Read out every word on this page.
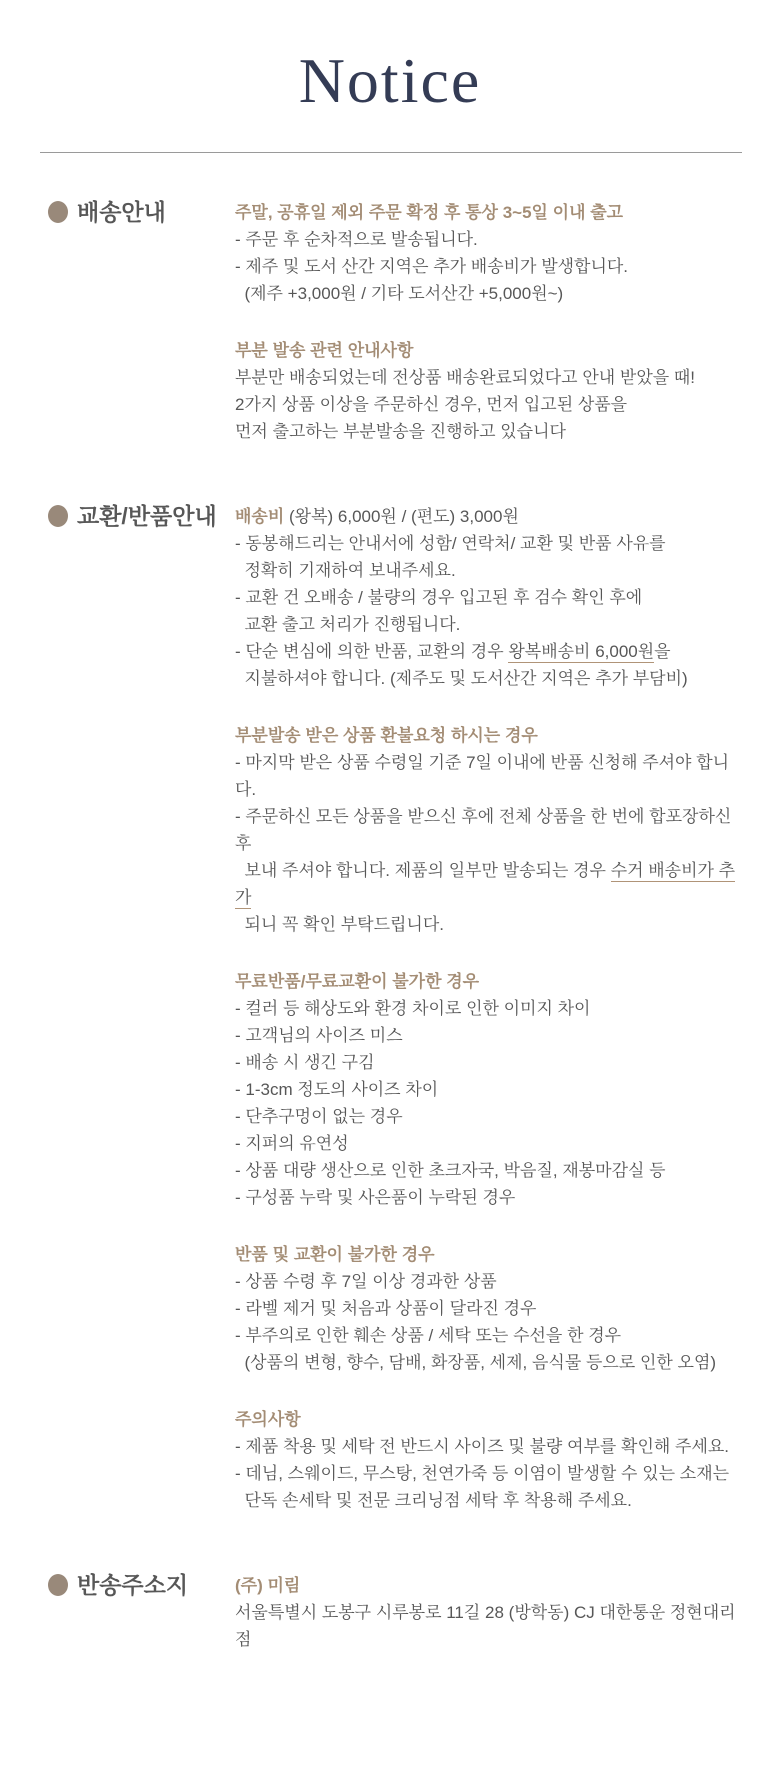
Notice
배송안내	주말, 공휴일 제외 주문 확정 후 통상 3~5일 이내 출고

- 주문 후 순차적으로 발송됩니다.

- 제주 및 도서 산간 지역은 추가 배송비가 발생합니다.

(제주 +3,000원 / 기타 도서산간 +5,000원~)

부분 발송 관련 안내사항

부분만 배송되었는데 전상품 배송완료되었다고 안내 받았을 때!

2가지 상품 이상을 주문하신 경우, 먼저 입고된 상품을

먼저 출고하는 부분발송을 진행하고 있습니다

교환/반품안내 배송비 (왕복) 6,000원 / (편도) 3,000원

- 동봉해드리는 안내서에 성함/ 연락처/ 교환 및 반품 사유를

정확히 기재하여 보내주세요.

- 교환 건 오배송 / 불량의 경우 입고된 후 검수 확인 후에

교환 출고 처리가 진행됩니다.

- 단순 변심에 의한 반품, 교환의 경우 왕복배송비 6,000원을

지불하셔야 합니다. (제주도 및 도서산간 지역은 추가 부담비)

부분발송 받은 상품 환불요청 하시는 경우

- 마지막 받은 상품 수령일 기준 7일 이내에 반품 신청해 주셔야 합니다.

- 주문하신 모든 상품을 받으신 후에 전체 상품을 한 번에 합포장하신 후

보내 주셔야 합니다. 제품의 일부만 발송되는 경우 수거 배송비가 추가

되니 꼭 확인 부탁드립니다.

무료반품/무료교환이 불가한 경우

- 컬러 등 해상도와 환경 차이로 인한 이미지 차이

- 고객님의 사이즈 미스

- 배송 시 생긴 구김

- 1-3cm 정도의 사이즈 차이

- 단추구멍이 없는 경우

- 지퍼의 유연성

- 상품 대량 생산으로 인한 초크자국, 박음질, 재봉마감실 등

- 구성품 누락 및 사은품이 누락된 경우

반품 및 교환이 불가한 경우

- 상품 수령 후 7일 이상 경과한 상품

- 라벨 제거 및 처음과 상품이 달라진 경우

- 부주의로 인한 훼손 상품 / 세탁 또는 수선을 한 경우

(상품의 변형, 향수, 담배, 화장품, 세제, 음식물 등으로 인한 오염)

주의사항

- 제품 착용 및 세탁 전 반드시 사이즈 및 불량 여부를 확인해 주세요.

- 데님, 스웨이드, 무스탕, 천연가죽 등 이염이 발생할 수 있는 소재는

단독 손세탁 및 전문 크리닝점 세탁 후 착용해 주세요.

반송주소지	(주) 미림

서울특별시 도봉구 시루봉로 11길 28 (방학동) CJ 대한통운 정현대리점
